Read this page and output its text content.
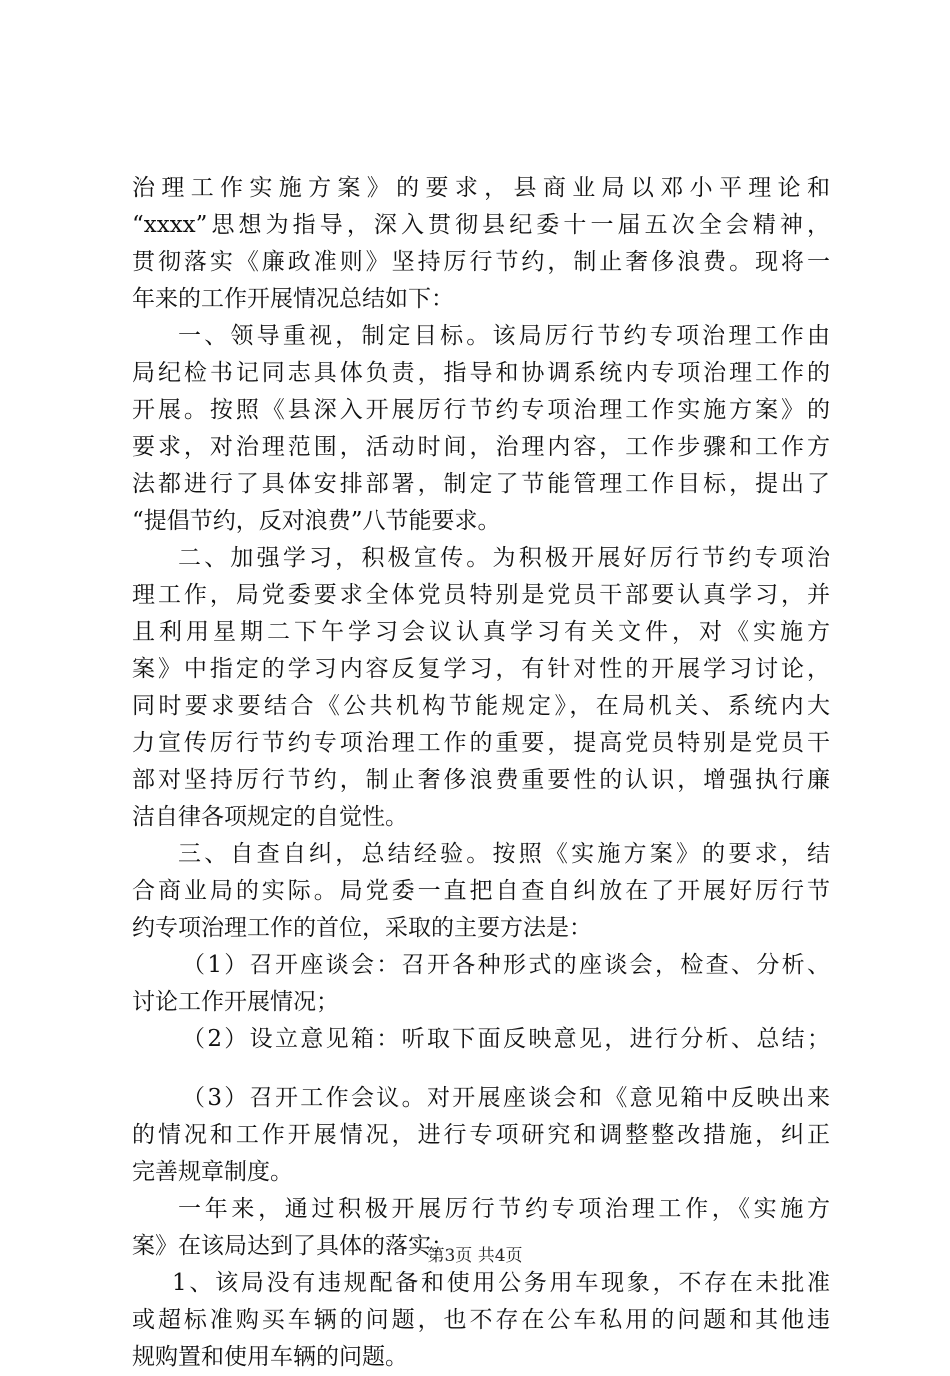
治理工作实施方案》的要求，县商业局以邓小平理论和
“xxxx”思想为指导，深入贯彻县纪委十一届五次全会精神，
贯彻落实《廉政准则》坚持厉行节约，制止奢侈浪费。现将一
年来的工作开展情况总结如下：
一、领导重视，制定目标。该局厉行节约专项治理工作由
局纪检书记同志具体负责，指导和协调系统内专项治理工作的
开展。按照《县深入开展厉行节约专项治理工作实施方案》的
要求，对治理范围，活动时间，治理内容，工作步骤和工作方
法都进行了具体安排部署，制定了节能管理工作目标，提出了
“提倡节约，反对浪费”八节能要求。
二、加强学习，积极宣传。为积极开展好厉行节约专项治
理工作，局党委要求全体党员特别是党员干部要认真学习，并
且利用星期二下午学习会议认真学习有关文件，对《实施方
案》中指定的学习内容反复学习，有针对性的开展学习讨论，
同时要求要结合《公共机构节能规定》，在局机关、系统内大
力宣传厉行节约专项治理工作的重要，提高党员特别是党员干
部对坚持厉行节约，制止奢侈浪费重要性的认识，增强执行廉
洁自律各项规定的自觉性。
三、自查自纠，总结经验。按照《实施方案》的要求，结
合商业局的实际。局党委一直把自查自纠放在了开展好厉行节
约专项治理工作的首位，采取的主要方法是：
（1）召开座谈会：召开各种形式的座谈会，检查、分析、
讨论工作开展情况；
（2）设立意见箱：听取下面反映意见，进行分析、总结；
（3）召开工作会议。对开展座谈会和《意见箱中反映出来
的情况和工作开展情况，进行专项研究和调整整改措施，纠正
完善规章制度。
一年来，通过积极开展厉行节约专项治理工作，《实施方
案》在该局达到了具体的落实：
1、该局没有违规配备和使用公务用车现象，不存在未批准
或超标准购买车辆的问题，也不存在公车私用的问题和其他违
规购置和使用车辆的问题。
第3页 共4页
